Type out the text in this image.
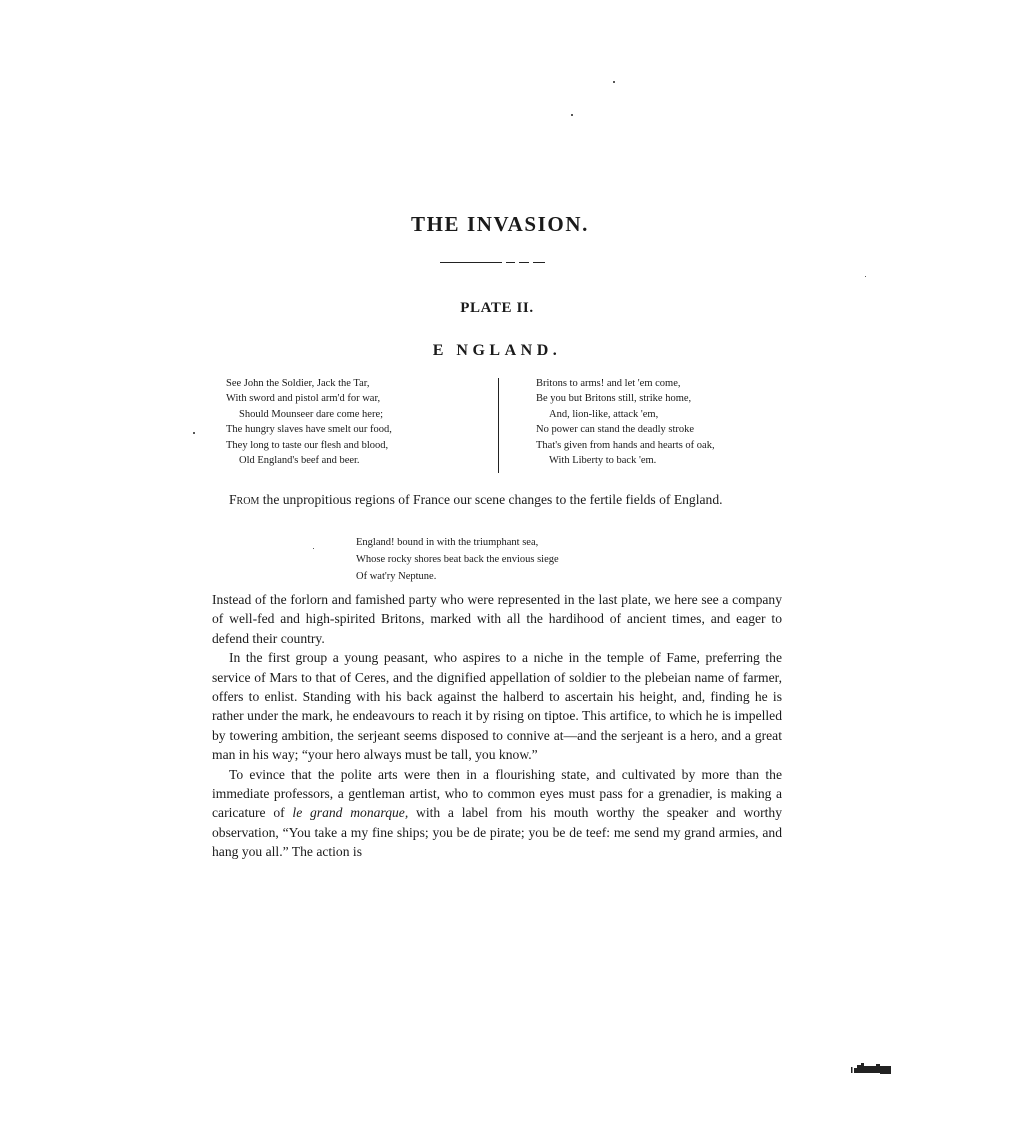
THE INVASION.
PLATE II.
E NGLAND.
See John the Soldier, Jack the Tar,
With sword and pistol arm'd for war,
Should Mounseer dare come here;
The hungry slaves have smelt our food,
They long to taste our flesh and blood,
Old England's beef and beer.
Britons to arms! and let 'em come,
Be you but Britons still, strike home,
And, lion-like, attack 'em,
No power can stand the deadly stroke
That's given from hands and hearts of oak,
With Liberty to back 'em.

From the unpropitious regions of France our scene changes to the fertile fields of England.

England! bound in with the triumphant sea,
Whose rocky shores beat back the envious siege
Of wat'ry Neptune.

Instead of the forlorn and famished party who were represented in the last plate, we here see a company of well-fed and high-spirited Britons, marked with all the hardihood of ancient times, and eager to defend their country.

In the first group a young peasant, who aspires to a niche in the temple of Fame, preferring the service of Mars to that of Ceres, and the dignified appellation of soldier to the plebeian name of farmer, offers to enlist. Standing with his back against the halberd to ascertain his height, and, finding he is rather under the mark, he endeavours to reach it by rising on tiptoe. This artifice, to which he is impelled by towering ambition, the serjeant seems disposed to connive at—and the serjeant is a hero, and a great man in his way; “your hero always must be tall, you know.”

To evince that the polite arts were then in a flourishing state, and cultivated by more than the immediate professors, a gentleman artist, who to common eyes must pass for a grenadier, is making a caricature of le grand monarque, with a label from his mouth worthy the speaker and worthy observation, “You take a my fine ships; you be de pirate; you be de teef: me send my grand armies, and hang you all.” The action is
